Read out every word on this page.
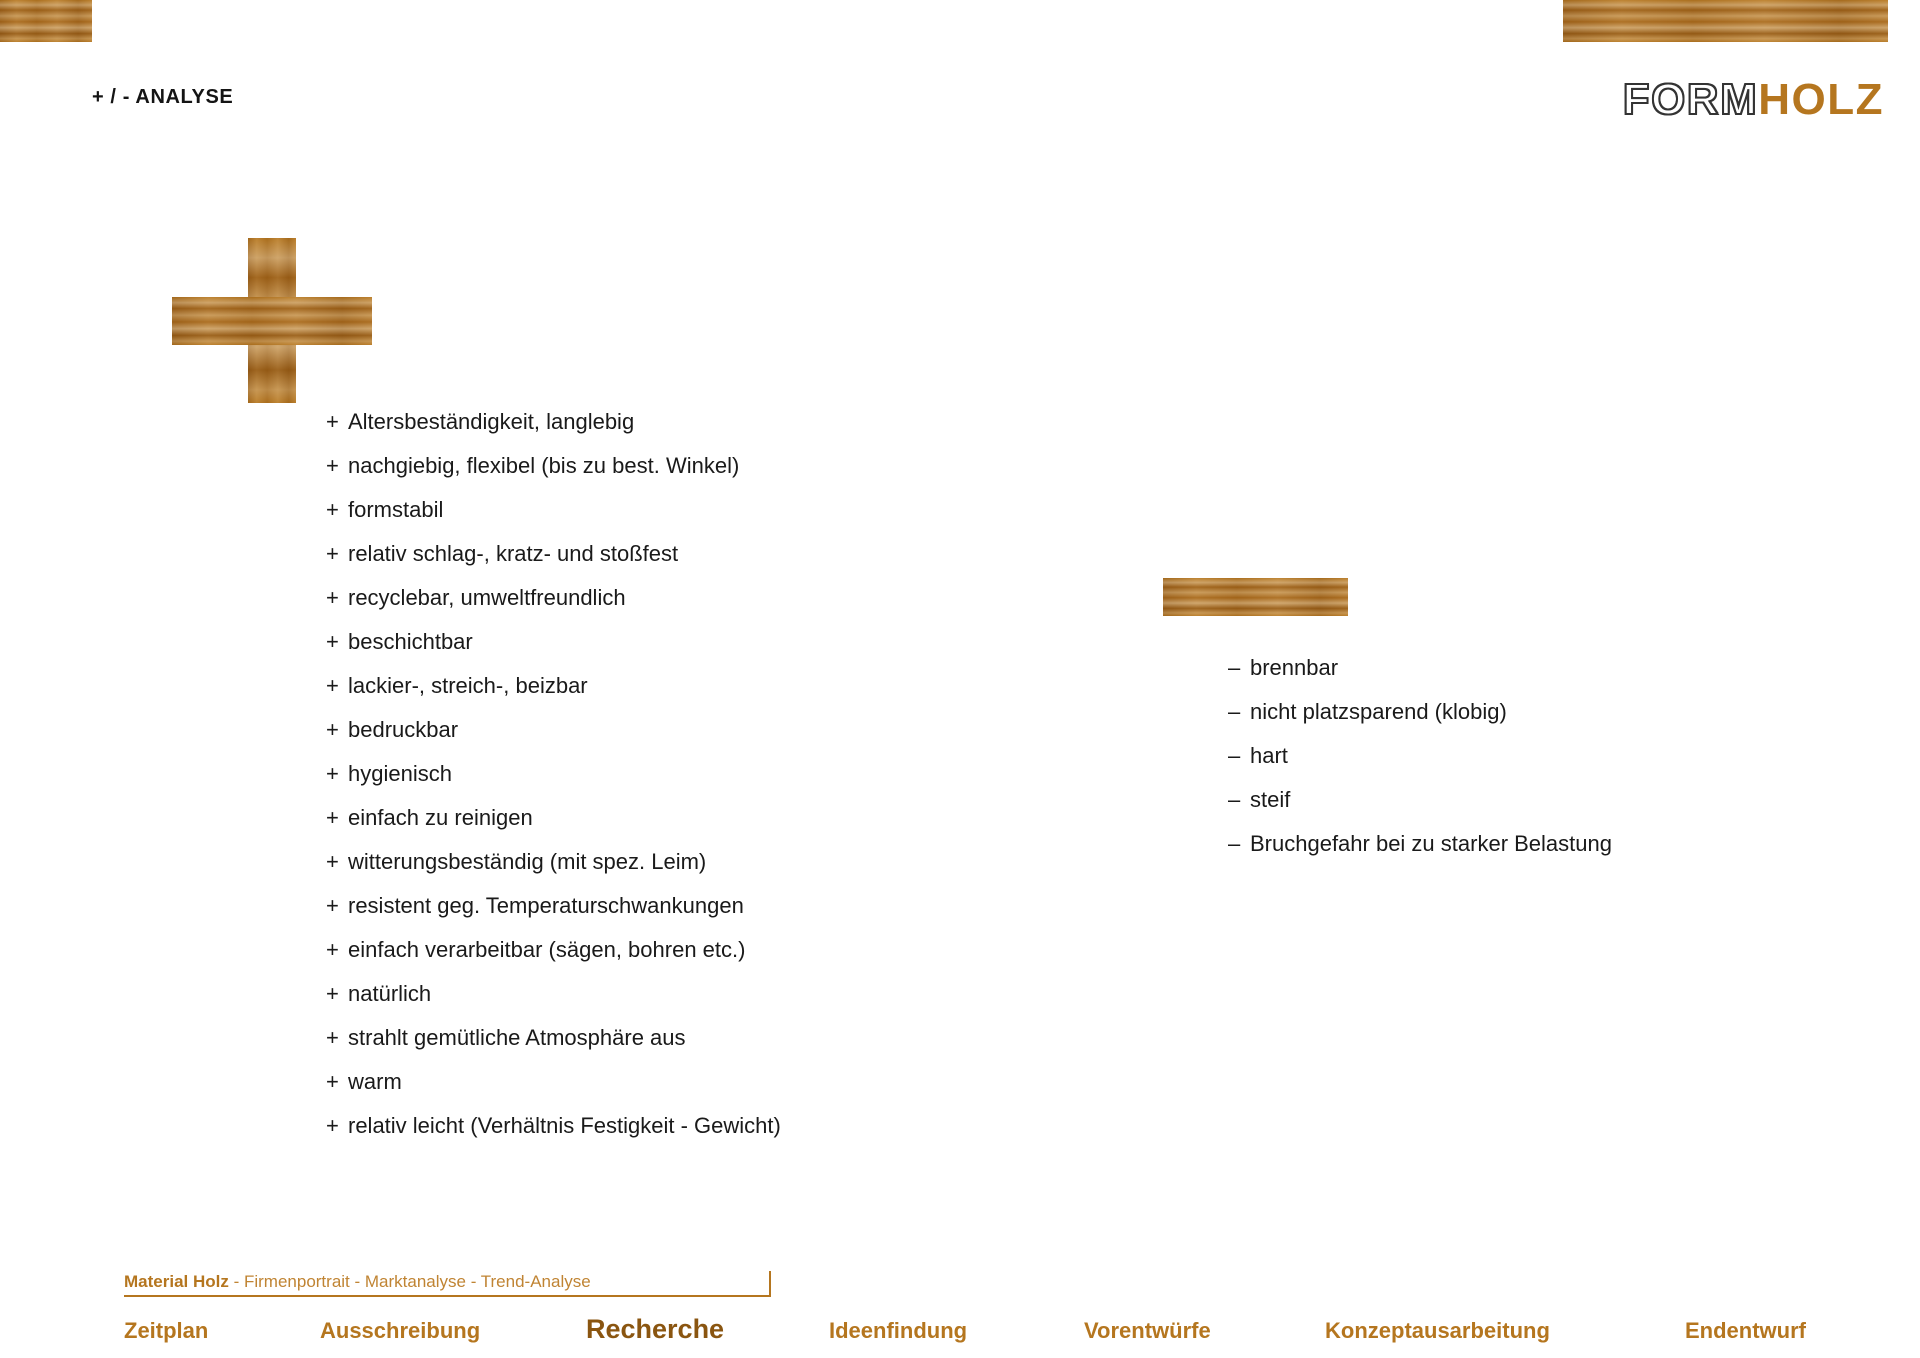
+ / - ANALYSE	FORMHOLZ
+ Altersbeständigkeit, langlebig
+ nachgiebig, flexibel (bis zu best. Winkel)
+ formstabil
+ relativ schlag-, kratz- und stoßfest
+ recyclebar, umweltfreundlich
+ beschichtbar
+ lackier-, streich-, beizbar
+ bedruckbar
+ hygienisch
+ einfach zu reinigen
+ witterungsbeständig (mit spez. Leim)
+ resistent geg. Temperaturschwankungen
+ einfach verarbeitbar (sägen, bohren etc.)
+ natürlich
+ strahlt gemütliche Atmosphäre aus
+ warm
+ relativ leicht (Verhältnis Festigkeit - Gewicht)
– brennbar
– nicht platzsparend (klobig)
– hart
– steif
– Bruchgefahr bei zu starker Belastung
Material Holz - Firmenportrait - Marktanalyse - Trend-Analyse
Zeitplan	Ausschreibung	Recherche	Ideenfindung	Vorentwürfe	Konzeptausarbeitung	Endentwurf
